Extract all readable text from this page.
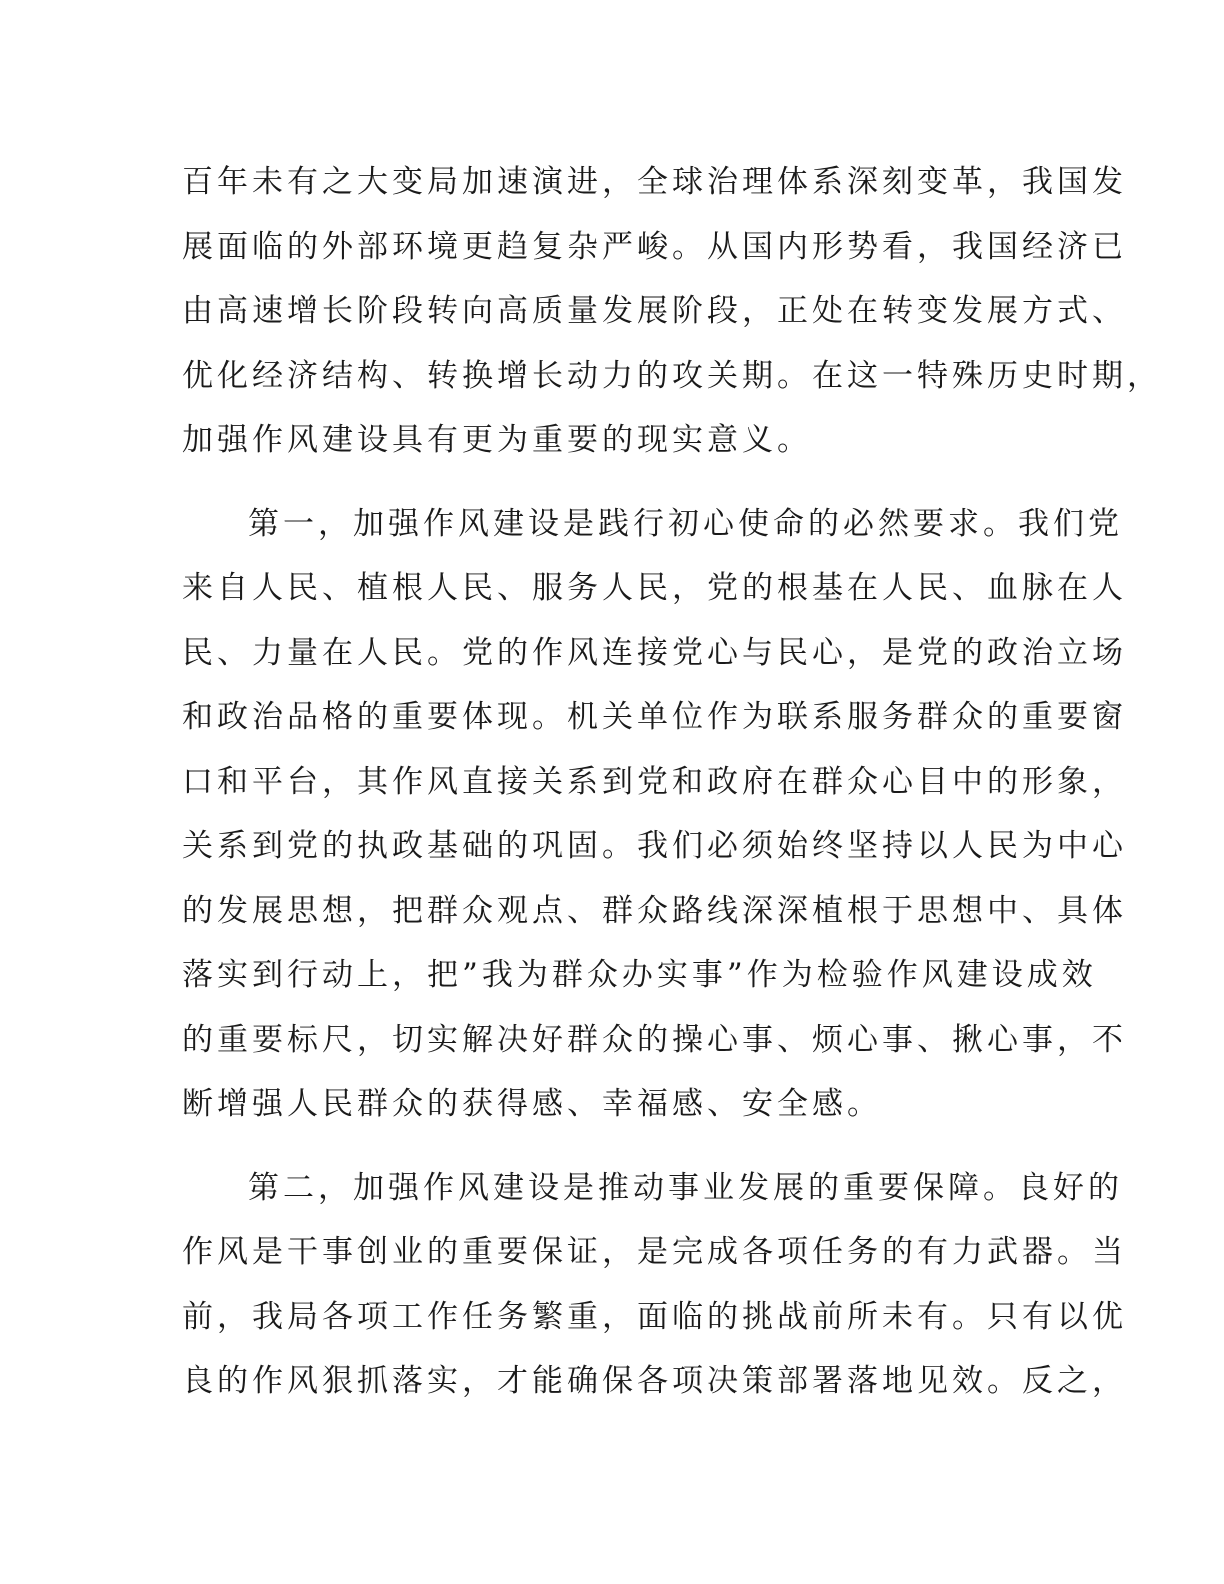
百年未有之大变局加速演进，全球治理体系深刻变革，我国发
展面临的外部环境更趋复杂严峻。从国内形势看，我国经济已
由高速增长阶段转向高质量发展阶段，正处在转变发展方式、
优化经济结构、转换增长动力的攻关期。在这一特殊历史时期，
加强作风建设具有更为重要的现实意义。
第一，加强作风建设是践行初心使命的必然要求。我们党
来自人民、植根人民、服务人民，党的根基在人民、血脉在人
民、力量在人民。党的作风连接党心与民心，是党的政治立场
和政治品格的重要体现。机关单位作为联系服务群众的重要窗
口和平台，其作风直接关系到党和政府在群众心目中的形象，
关系到党的执政基础的巩固。我们必须始终坚持以人民为中心
的发展思想，把群众观点、群众路线深深植根于思想中、具体
落实到行动上，把”我为群众办实事”作为检验作风建设成效
的重要标尺，切实解决好群众的操心事、烦心事、揪心事，不
断增强人民群众的获得感、幸福感、安全感。
第二，加强作风建设是推动事业发展的重要保障。良好的
作风是干事创业的重要保证，是完成各项任务的有力武器。当
前，我局各项工作任务繁重，面临的挑战前所未有。只有以优
良的作风狠抓落实，才能确保各项决策部署落地见效。反之，
